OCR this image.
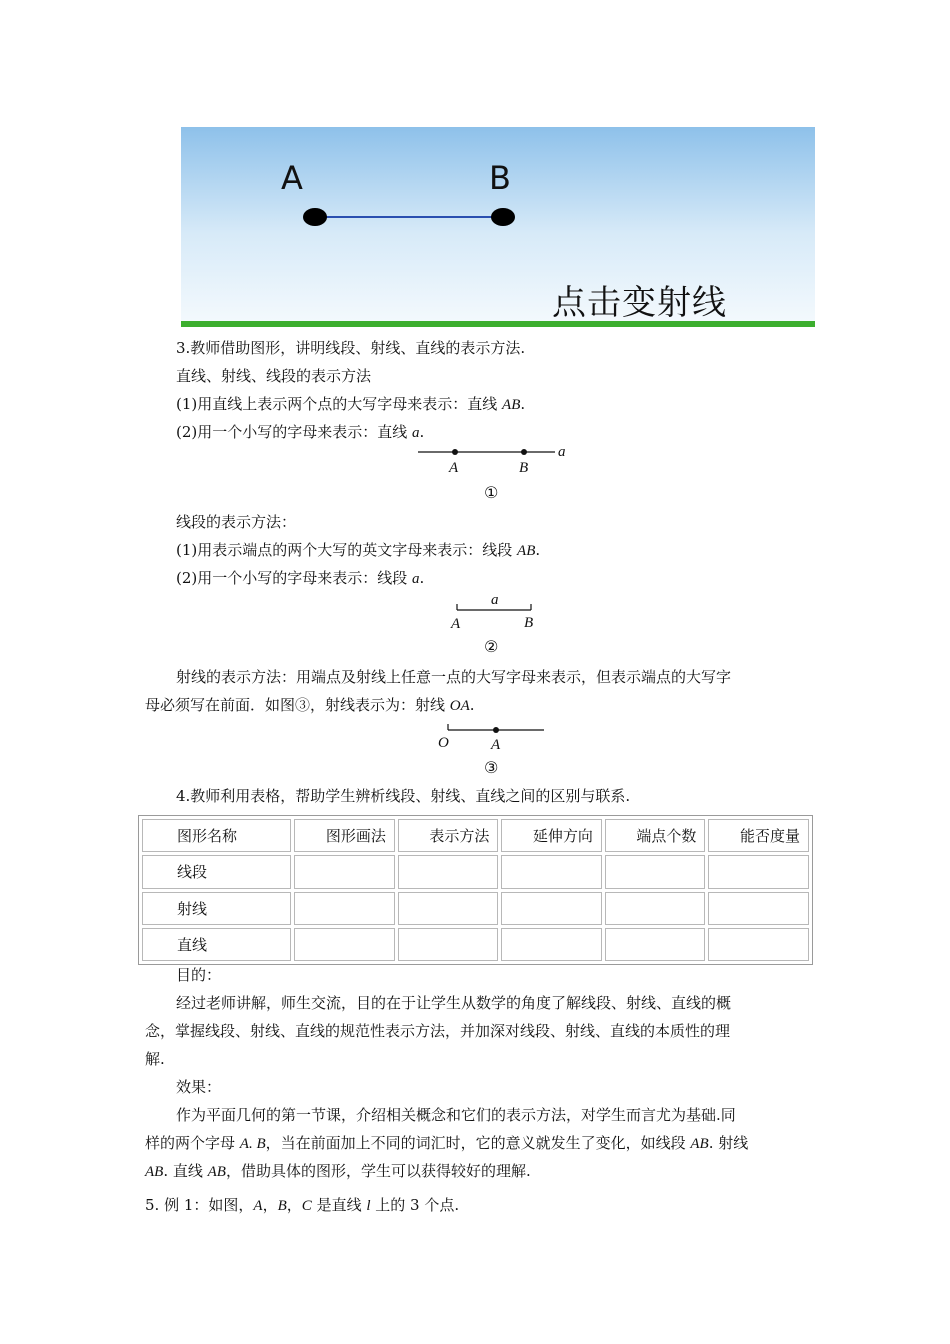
A	B
点击变射线
3.教师借助图形，讲明线段、射线、直线的表示方法.
直线、射线、线段的表示方法
(1)用直线上表示两个点的大写字母来表示：直线 AB.
(2)用一个小写的字母来表示：直线 a.
A	B
a
①
线段的表示方法：
(1)用表示端点的两个大写的英文字母来表示：线段 AB.
(2)用一个小写的字母来表示：线段 a.
a
A	B
②
射线的表示方法：用端点及射线上任意一点的大写字母来表示，但表示端点的大写字
母必须写在前面．如图③，射线表示为：射线 OA.
O	A
③
4.教师利用表格，帮助学生辨析线段、射线、直线之间的区别与联系.
图形名称	图形画法	表示方法	延伸方向	端点个数	能否度量
线段					
射线					
直线					
目的：
经过老师讲解，师生交流，目的在于让学生从数学的角度了解线段、射线、直线的概
念，掌握线段、射线、直线的规范性表示方法，并加深对线段、射线、直线的本质性的理
解.
效果：
作为平面几何的第一节课，介绍相关概念和它们的表示方法，对学生而言尤为基础.同
样的两个字母 A. B，当在前面加上不同的词汇时，它的意义就发生了变化，如线段 AB. 射线
AB. 直线 AB，借助具体的图形，学生可以获得较好的理解.
5. 例 1：如图，A，B，C 是直线 l 上的 3 个点.
